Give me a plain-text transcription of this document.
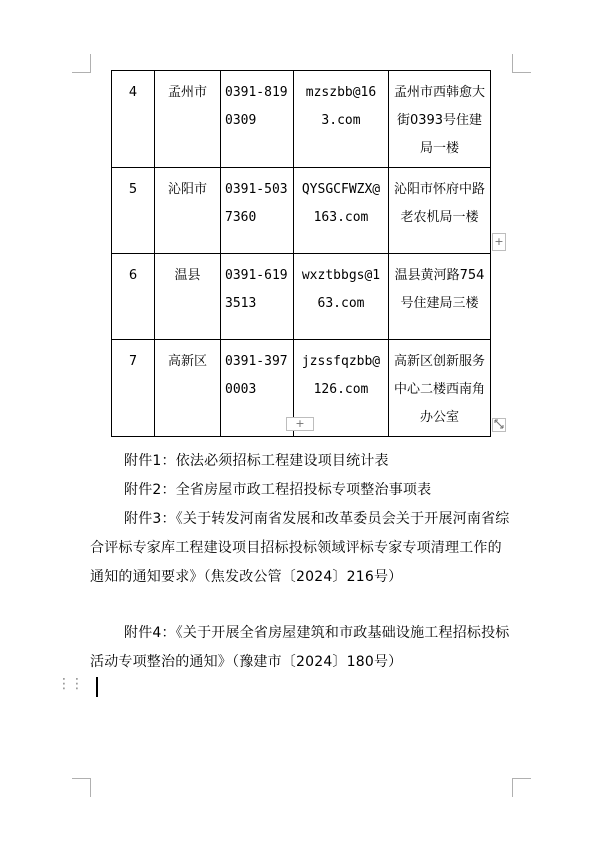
4	孟州市	0391-8190309	mzszbb@163.com	孟州市西韩愈大街0393号住建局一楼
5	沁阳市	0391-5037360	QYSGCFWZX@163.com	沁阳市怀府中路老农机局一楼
6	温县	0391-6193513	wxztbbgs@163.com	温县黄河路754号住建局三楼
7	高新区	0391-3970003	jzssfqzbb@126.com	高新区创新服务中心二楼西南角办公室
+
+
附件1：依法必须招标工程建设项目统计表
附件2：全省房屋市政工程招投标专项整治事项表
附件3：《关于转发河南省发展和改革委员会关于开展河南省综合评标专家库工程建设项目招标投标领域评标专家专项清理工作的通知的通知要求》（焦发改公管〔2024〕216号）
附件4：《关于开展全省房屋建筑和市政基础设施工程招标投标活动专项整治的通知》（豫建市〔2024〕180号）
⋮⋮
